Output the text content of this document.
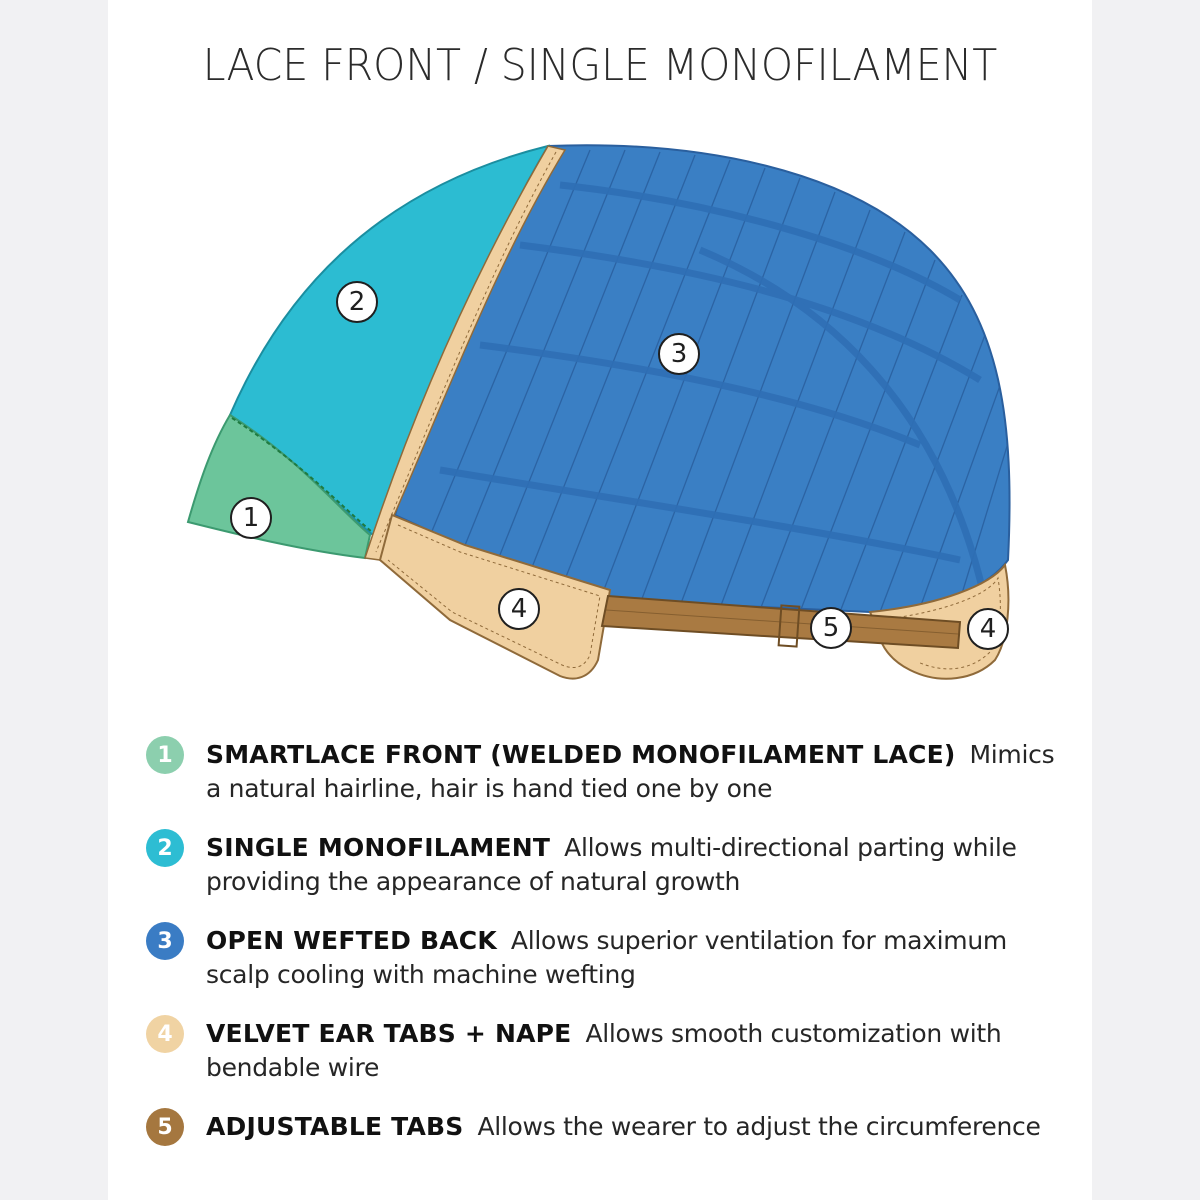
LACE FRONT / SINGLE MONOFILAMENT
1
2
3
4
5	4
1	SMARTLACE FRONT (WELDED MONOFILAMENT LACE) Mimics a natural hairline, hair is hand tied one by one
2	SINGLE MONOFILAMENT Allows multi-directional parting while providing the appearance of natural growth
3	OPEN WEFTED BACK Allows superior ventilation for maximum scalp cooling with machine wefting
4	VELVET EAR TABS + NAPE Allows smooth customization with bendable wire
5	ADJUSTABLE TABS Allows the wearer to adjust the circumference
